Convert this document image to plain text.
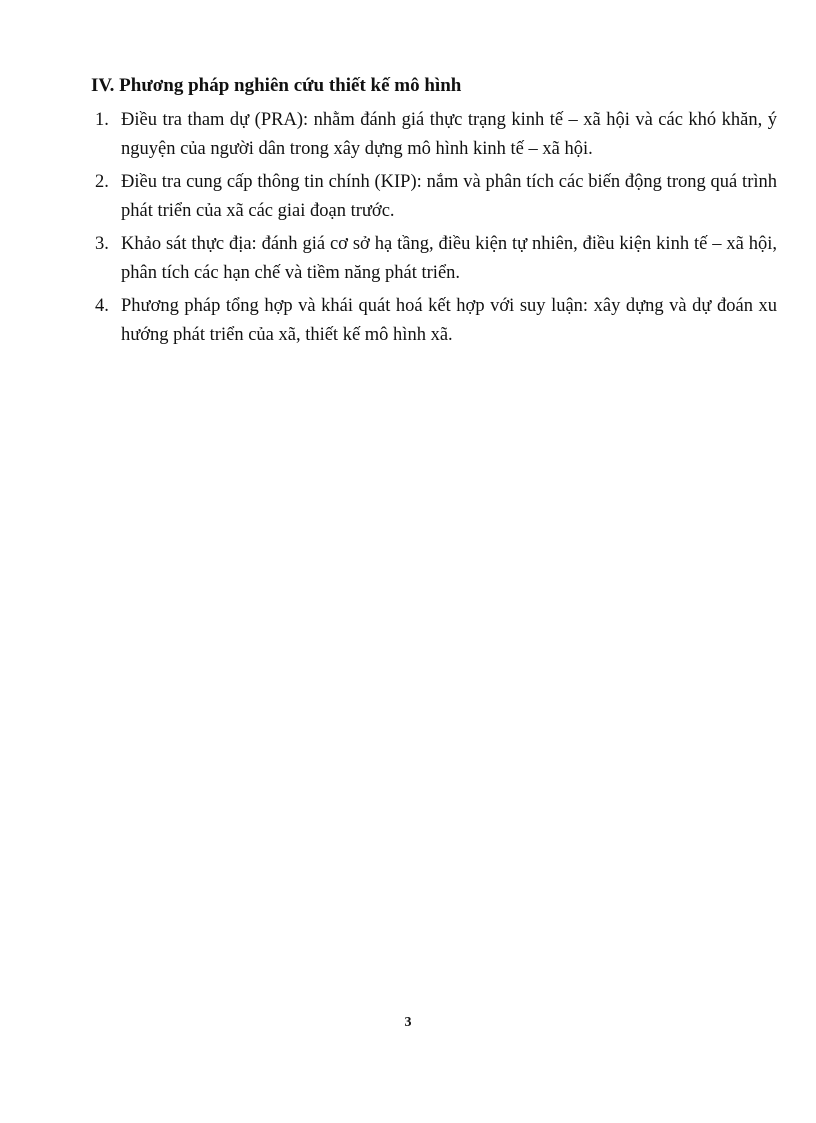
IV. Phương pháp nghiên cứu thiết kế mô hình
1. Điều tra tham dự (PRA): nhằm đánh giá thực trạng kinh tế – xã hội và các khó khăn, ý nguyện của người dân trong xây dựng mô hình kinh tế – xã hội.
2. Điều tra cung cấp thông tin chính (KIP): nắm và phân tích các biến động trong quá trình phát triển của xã các giai đoạn trước.
3. Khảo sát thực địa: đánh giá cơ sở hạ tầng, điều kiện tự nhiên, điều kiện kinh tế – xã hội, phân tích các hạn chế và tiềm năng phát triển.
4. Phương pháp tổng hợp và khái quát hoá kết hợp với suy luận: xây dựng và dự đoán xu hướng phát triển của xã, thiết kế mô hình xã.
3
